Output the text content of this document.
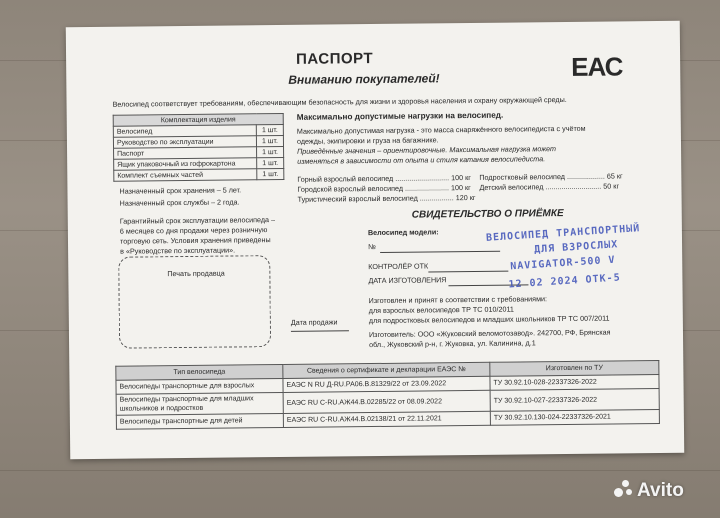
ПАСПОРТ
Вниманию покупателей!	ЕАС
Велосипед соответствует требованиям, обеспечивающим безопасность для жизни и здоровья населения и охрану окружающей среды.
Комплектация изделия	
Велосипед	1 шт.
Руководство по эксплуатации	1 шт.
Паспорт	1 шт.
Ящик упаковочный из гофрокартона	1 шт.
Комплект съемных частей	1 шт.
Назначенный срок хранения – 5 лет.
Назначенный срок службы – 2 года.
Гарантийный срок эксплуатации велосипеда –
6 месяцев со дня продажи через розничную
торговую сеть. Условия хранения приведены
в «Руководстве по эксплуатации».
Печать продавца
Дата продажи
Максимально допустимые нагрузки на велосипед.
Максимально допустимая нагрузка - это масса снаряжённого велосипедиста с учётом
одежды, экипировки и груза на багажнике.
Приведённые значения – ориентировочные. Максимальная нагрузка может
изменяться в зависимости от опыта и стиля катания велосипедиста.
Горный взрослый велосипед ........................... 100 кг
Городской взрослый велосипед ...................... 100 кг
Туристический взрослый велосипед ................. 120 кг
Подростковый велосипед ................... 65 кг
Детский велосипед ............................ 50 кг
СВИДЕТЕЛЬСТВО О ПРИЁМКЕ
Велосипед модели:
№
КОНТРОЛЁР ОТК
ДАТА ИЗГОТОВЛЕНИЯ
ВЕЛОСИПЕД ТРАНСПОРТНЫЙ
ДЛЯ ВЗРОСЛЫХ
NAVIGATOR-500 V
12 02 2024 ОТК-5
Изготовлен и принят в соответствии с требованиями:
для взрослых велосипедов ТР ТС 010/2011
для подростковых велосипедов и младших школьников ТР ТС 007/2011
Изготовитель: ООО «Жуковский веломотозавод». 242700, РФ, Брянская
обл., Жуковский р-н, г. Жуковка, ул. Калинина, д.1
Тип велосипеда	Сведения о сертификате и декларации ЕАЭС №	Изготовлен по ТУ
Велосипеды транспортные для взрослых	ЕАЭС N RU Д-RU.РА06.В.81329/22 от 23.09.2022	ТУ 30.92.10-028-22337326-2022
Велосипеды транспортные для младших школьников и подростков	ЕАЭС RU С-RU.АЖ44.В.02285/22 от 08.09.2022	ТУ 30.92.10-027-22337326-2022
Велосипеды транспортные для детей	ЕАЭС RU С-RU.АЖ44.В.02138/21 от 22.11.2021	ТУ 30.92.10.130-024-22337326-2021
Avito
